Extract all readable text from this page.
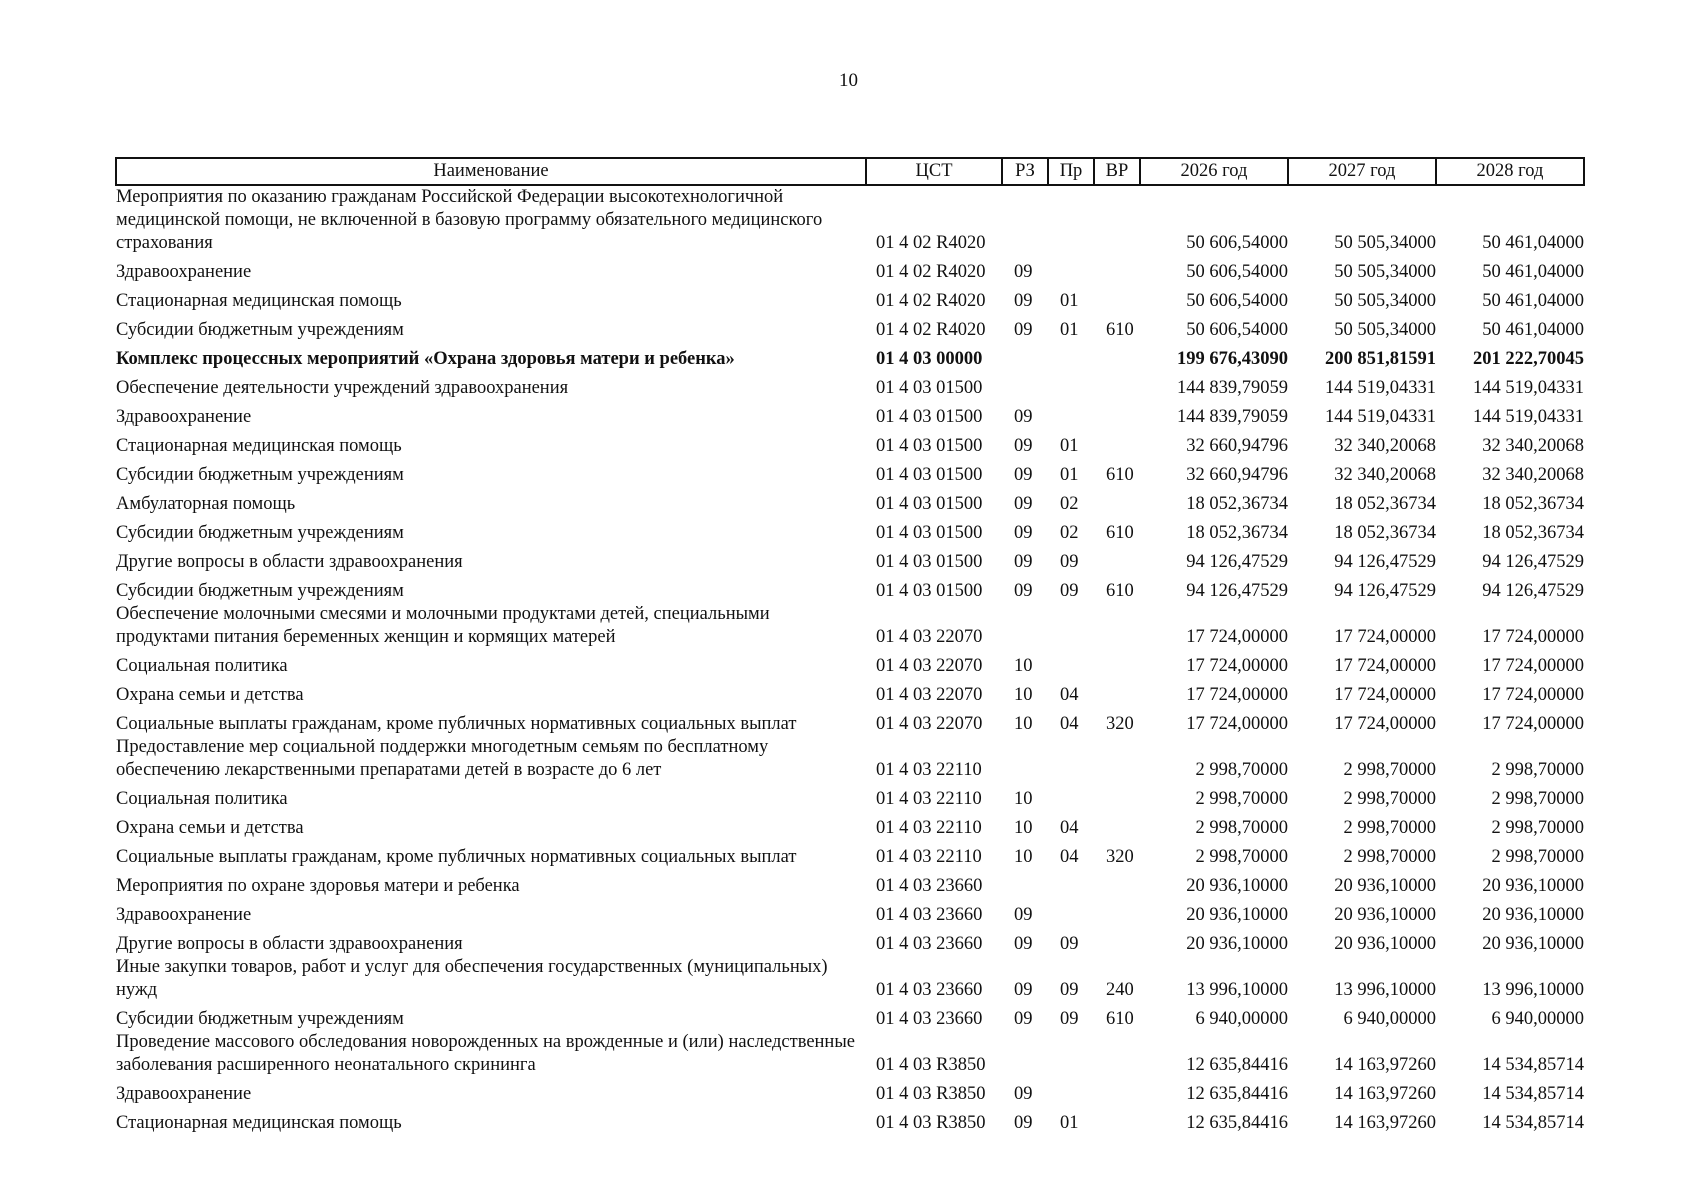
10
Наименование	ЦСТ	РЗ	Пр	ВР	2026 год	2027 год	2028 год
Мероприятия по оказанию гражданам Российской Федерации высокотехнологичной медицинской помощи, не включенной в базовую программу обязательного медицинского страхования	01 4 02 R4020				50 606,54000	50 505,34000	50 461,04000
Здравоохранение	01 4 02 R4020	09			50 606,54000	50 505,34000	50 461,04000
Стационарная медицинская помощь	01 4 02 R4020	09	01		50 606,54000	50 505,34000	50 461,04000
Субсидии бюджетным учреждениям	01 4 02 R4020	09	01	610	50 606,54000	50 505,34000	50 461,04000
Комплекс процессных мероприятий «Охрана здоровья матери и ребенка»	01 4 03 00000				199 676,43090	200 851,81591	201 222,70045
Обеспечение деятельности учреждений здравоохранения	01 4 03 01500				144 839,79059	144 519,04331	144 519,04331
Здравоохранение	01 4 03 01500	09			144 839,79059	144 519,04331	144 519,04331
Стационарная медицинская помощь	01 4 03 01500	09	01		32 660,94796	32 340,20068	32 340,20068
Субсидии бюджетным учреждениям	01 4 03 01500	09	01	610	32 660,94796	32 340,20068	32 340,20068
Амбулаторная помощь	01 4 03 01500	09	02		18 052,36734	18 052,36734	18 052,36734
Субсидии бюджетным учреждениям	01 4 03 01500	09	02	610	18 052,36734	18 052,36734	18 052,36734
Другие вопросы в области здравоохранения	01 4 03 01500	09	09		94 126,47529	94 126,47529	94 126,47529
Субсидии бюджетным учреждениям	01 4 03 01500	09	09	610	94 126,47529	94 126,47529	94 126,47529
Обеспечение молочными смесями и молочными продуктами детей, специальными продуктами питания беременных женщин и кормящих матерей	01 4 03 22070				17 724,00000	17 724,00000	17 724,00000
Социальная политика	01 4 03 22070	10			17 724,00000	17 724,00000	17 724,00000
Охрана семьи и детства	01 4 03 22070	10	04		17 724,00000	17 724,00000	17 724,00000
Социальные выплаты гражданам, кроме публичных нормативных социальных выплат	01 4 03 22070	10	04	320	17 724,00000	17 724,00000	17 724,00000
Предоставление мер социальной поддержки многодетным семьям по бесплатному обеспечению лекарственными препаратами детей в возрасте до 6 лет	01 4 03 22110				2 998,70000	2 998,70000	2 998,70000
Социальная политика	01 4 03 22110	10			2 998,70000	2 998,70000	2 998,70000
Охрана семьи и детства	01 4 03 22110	10	04		2 998,70000	2 998,70000	2 998,70000
Социальные выплаты гражданам, кроме публичных нормативных социальных выплат	01 4 03 22110	10	04	320	2 998,70000	2 998,70000	2 998,70000
Мероприятия по охране здоровья матери и ребенка	01 4 03 23660				20 936,10000	20 936,10000	20 936,10000
Здравоохранение	01 4 03 23660	09			20 936,10000	20 936,10000	20 936,10000
Другие вопросы в области здравоохранения	01 4 03 23660	09	09		20 936,10000	20 936,10000	20 936,10000
Иные закупки товаров, работ и услуг для обеспечения государственных (муниципальных) нужд	01 4 03 23660	09	09	240	13 996,10000	13 996,10000	13 996,10000
Субсидии бюджетным учреждениям	01 4 03 23660	09	09	610	6 940,00000	6 940,00000	6 940,00000
Проведение массового обследования новорожденных на врожденные и (или) наследственные заболевания расширенного неонатального скрининга	01 4 03 R3850				12 635,84416	14 163,97260	14 534,85714
Здравоохранение	01 4 03 R3850	09			12 635,84416	14 163,97260	14 534,85714
Стационарная медицинская помощь	01 4 03 R3850	09	01		12 635,84416	14 163,97260	14 534,85714
